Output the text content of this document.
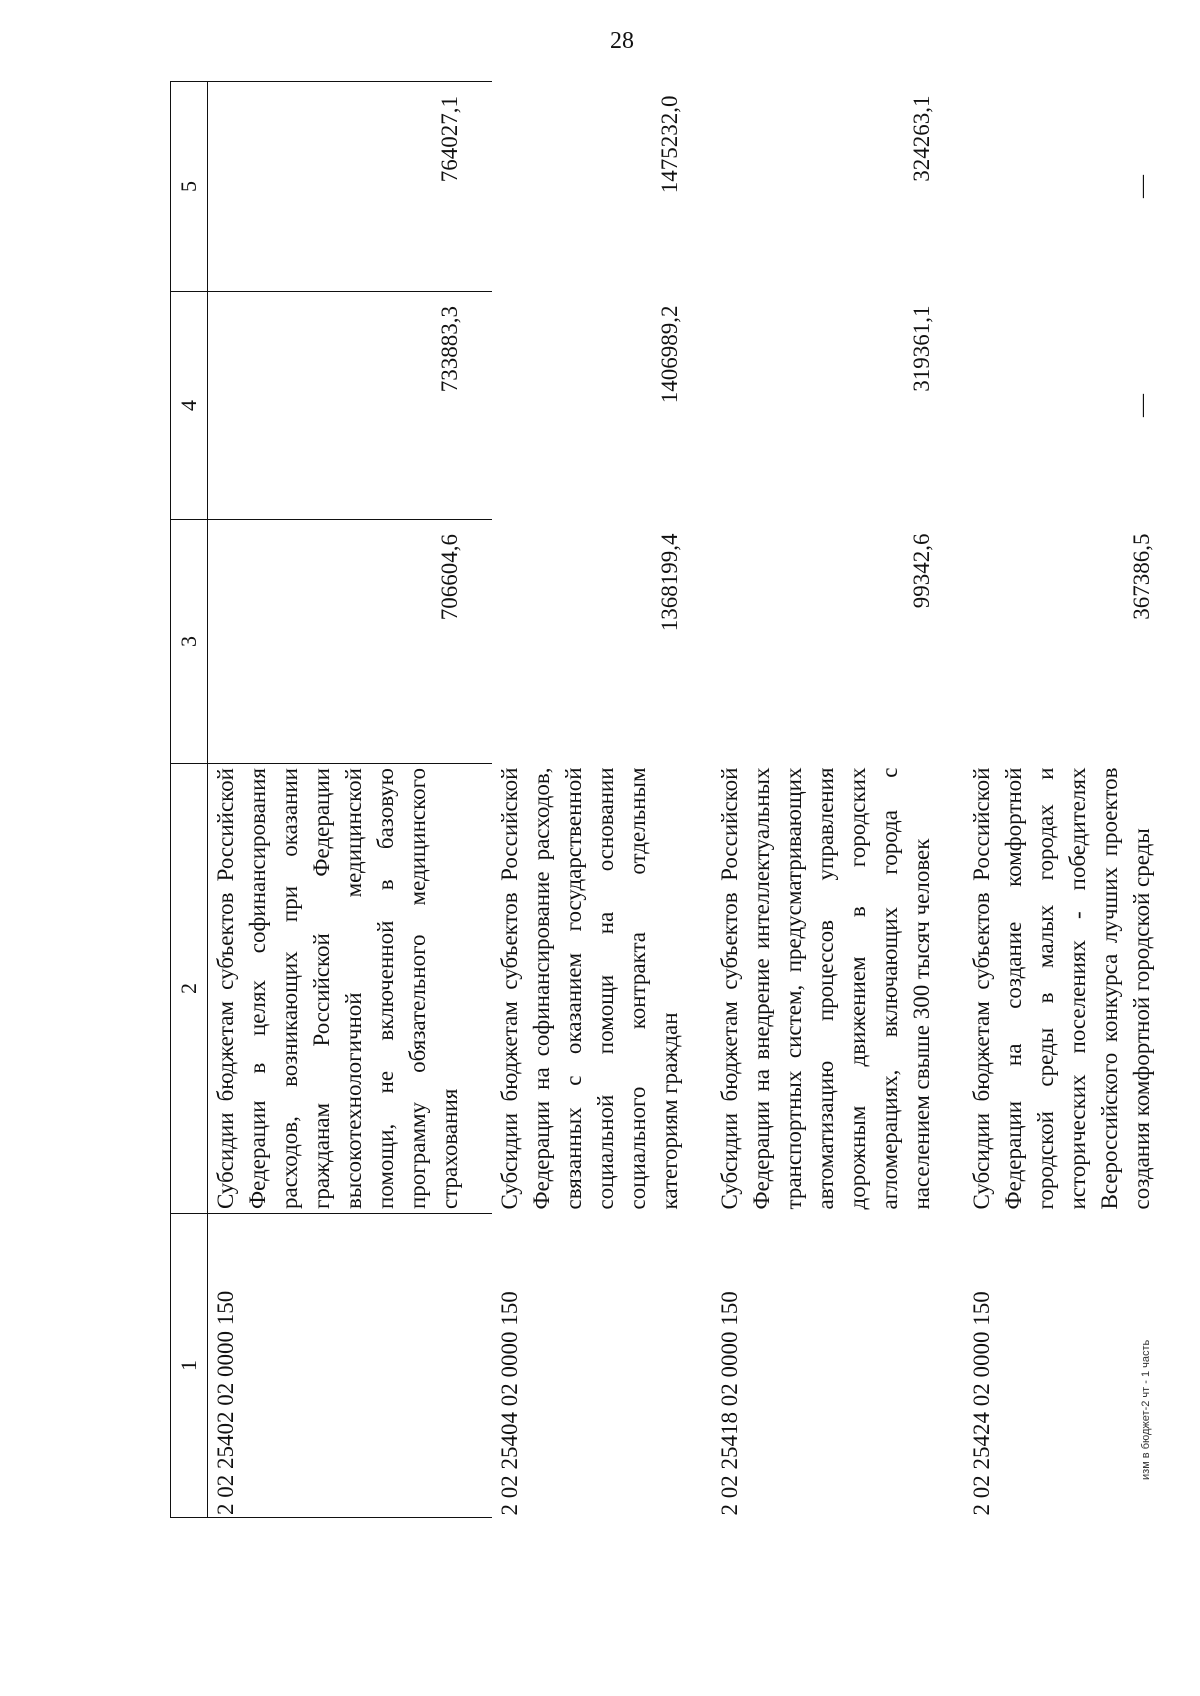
28
1	2	3	4	5
2 02 25402 02 0000 150	Субсидии бюджетам субъектов Российской Федерации в целях софинансирования расходов, возникающих при оказании гражданам Российской Федерации высокотехнологичной медицинской помощи, не включенной в базовую программу обязательного медицинского страхования	706604,6	733883,3	764027,1
2 02 25404 02 0000 150	Субсидии бюджетам субъектов Российской Федерации на софинансирование расходов, связанных с оказанием государственной социальной помощи на основании социального контракта отдельным категориям граждан	1368199,4	1406989,2	1475232,0
2 02 25418 02 0000 150	Субсидии бюджетам субъектов Российской Федерации на внедрение интеллектуальных транспортных систем, предусматривающих автоматизацию процессов управления дорожным движением в городских агломерациях, включающих города с населением свыше 300 тысяч человек	99342,6	319361,1	324263,1
2 02 25424 02 0000 150	Субсидии бюджетам субъектов Российской Федерации на создание комфортной городской среды в малых городах и исторических поселениях - победителях Всероссийского конкурса лучших проектов создания комфортной городской среды	367386,5	—	—
изм в бюджет-2 чт - 1 часть
